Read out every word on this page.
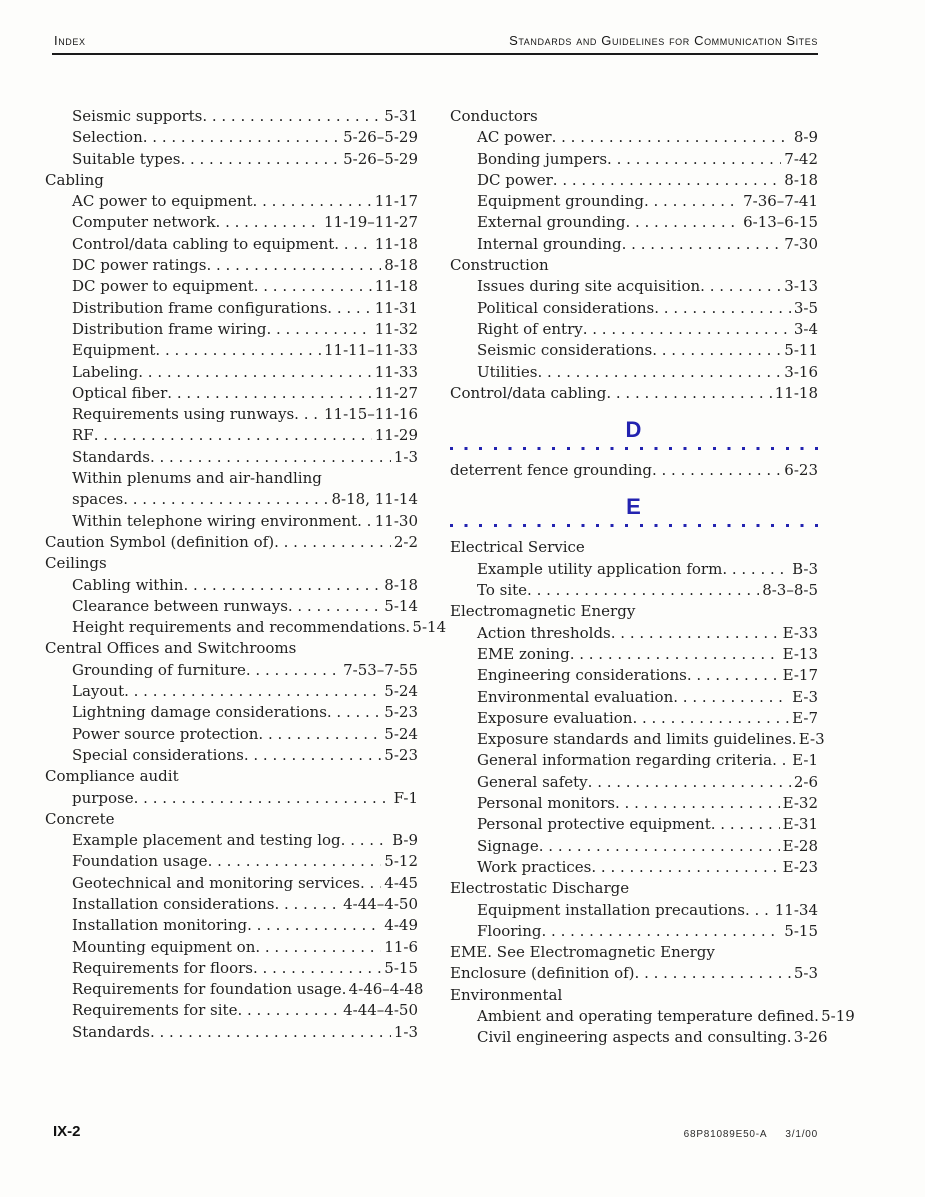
Index	Standards and Guidelines for Communication Sites
Seismic supports . . .	5-31
Selection . . .	5-26–5-29
Suitable types . . .	5-26–5-29
Cabling
AC power to equipment . . .	11-17
Computer network . . .	11-19–11-27
Control/data cabling to equipment . . .	11-18
DC power ratings . . .	8-18
DC power to equipment . . .	11-18
Distribution frame configurations . . .	11-31
Distribution frame wiring . . .	11-32
Equipment . . .	11-11–11-33
Labeling . . .	11-33
Optical fiber . . .	11-27
Requirements using runways . . . 11-15–11-16
RF . . .	11-29
Standards . . .	1-3
Within plenums and air-handling
spaces . . .	8-18, 11-14
Within telephone wiring environment . . . 11-30
Caution Symbol (definition of) . . .	2-2
Ceilings
Cabling within . . .	8-18
Clearance between runways . . .	5-14
Height requirements and recommendations . . . 5-14
Central Offices and Switchrooms
Grounding of furniture . . .	7-53–7-55
Layout . . .	5-24
Lightning damage considerations . . .	5-23
Power source protection . . .	5-24
Special considerations . . .	5-23
Compliance audit
purpose . . .	F-1
Concrete
Example placement and testing log . . .	B-9
Foundation usage . . .	5-12
Geotechnical and monitoring services . . . 4-45
Installation considerations . . .	4-44–4-50
Installation monitoring . . .	4-49
Mounting equipment on . . .	11-6
Requirements for floors . . .	5-15
Requirements for foundation usage . . . 4-46–4-48
Requirements for site . . .	4-44–4-50
Standards . . .	1-3
Conductors
AC power . . .	8-9
Bonding jumpers . . .	7-42
DC power . . .	8-18
Equipment grounding . . .	7-36–7-41
External grounding . . .	6-13–6-15
Internal grounding . . .	7-30
Construction
Issues during site acquisition . . .	3-13
Political considerations . . .	3-5
Right of entry . . .	3-4
Seismic considerations . . .	5-11
Utilities . . .	3-16
Control/data cabling . . .	11-18
D
deterrent fence grounding . . .	6-23
E
Electrical Service
Example utility application form . . .	B-3
To site . . .	8-3–8-5
Electromagnetic Energy
Action thresholds . . .	E-33
EME zoning . . .	E-13
Engineering considerations . . .	E-17
Environmental evaluation . . .	E-3
Exposure evaluation . . .	E-7
Exposure standards and limits guidelines . . . E-3
General information regarding criteria . . . E-1
General safety . . .	2-6
Personal monitors . . .	E-32
Personal protective equipment . . .	E-31
Signage . . .	E-28
Work practices . . .	E-23
Electrostatic Discharge
Equipment installation precautions . . . 11-34
Flooring . . .	5-15
EME. See Electromagnetic Energy
Enclosure (definition of) . . .	5-3
Environmental
Ambient and operating temperature defined . . . 5-19
Civil engineering aspects and consulting . . . 3-26
IX-2	68P81089E50-A 3/1/00
